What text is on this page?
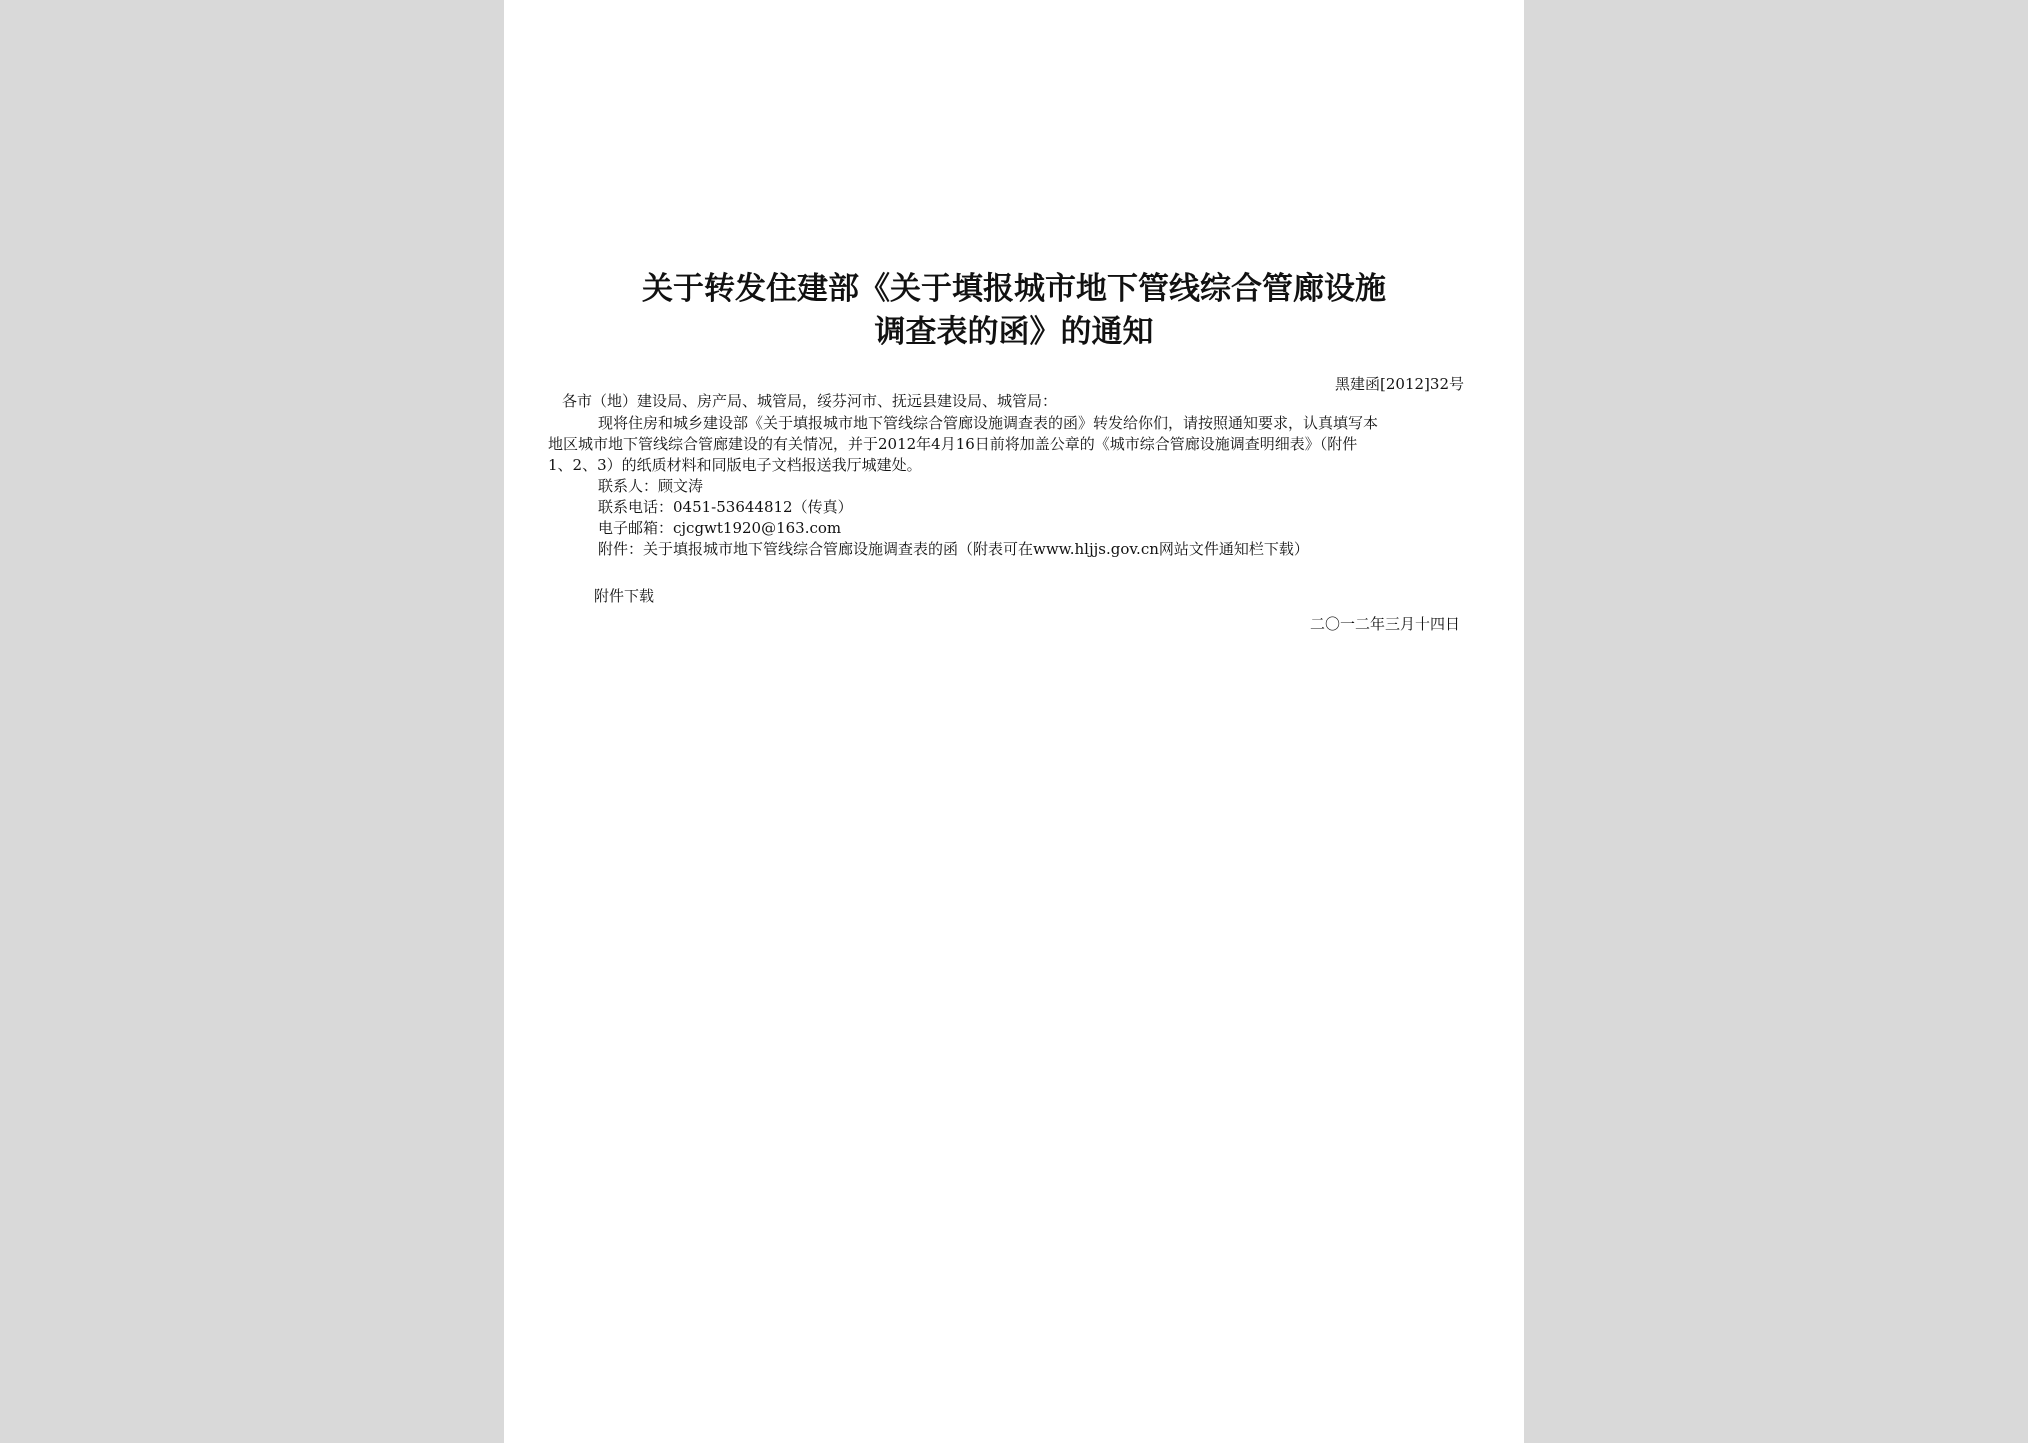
关于转发住建部《关于填报城市地下管线综合管廊设施
调查表的函》的通知
黑建函[2012]32号
各市（地）建设局、房产局、城管局，绥芬河市、抚远县建设局、城管局：
现将住房和城乡建设部《关于填报城市地下管线综合管廊设施调查表的函》转发给你们，请按照通知要求，认真填写本
地区城市地下管线综合管廊建设的有关情况，并于2012年4月16日前将加盖公章的《城市综合管廊设施调查明细表》（附件
1、2、3）的纸质材料和同版电子文档报送我厅城建处。
联系人：顾文涛
联系电话：0451-53644812（传真）
电子邮箱：cjcgwt1920@163.com
附件：关于填报城市地下管线综合管廊设施调查表的函（附表可在www.hljjs.gov.cn网站文件通知栏下载）
附件下载
二〇一二年三月十四日
